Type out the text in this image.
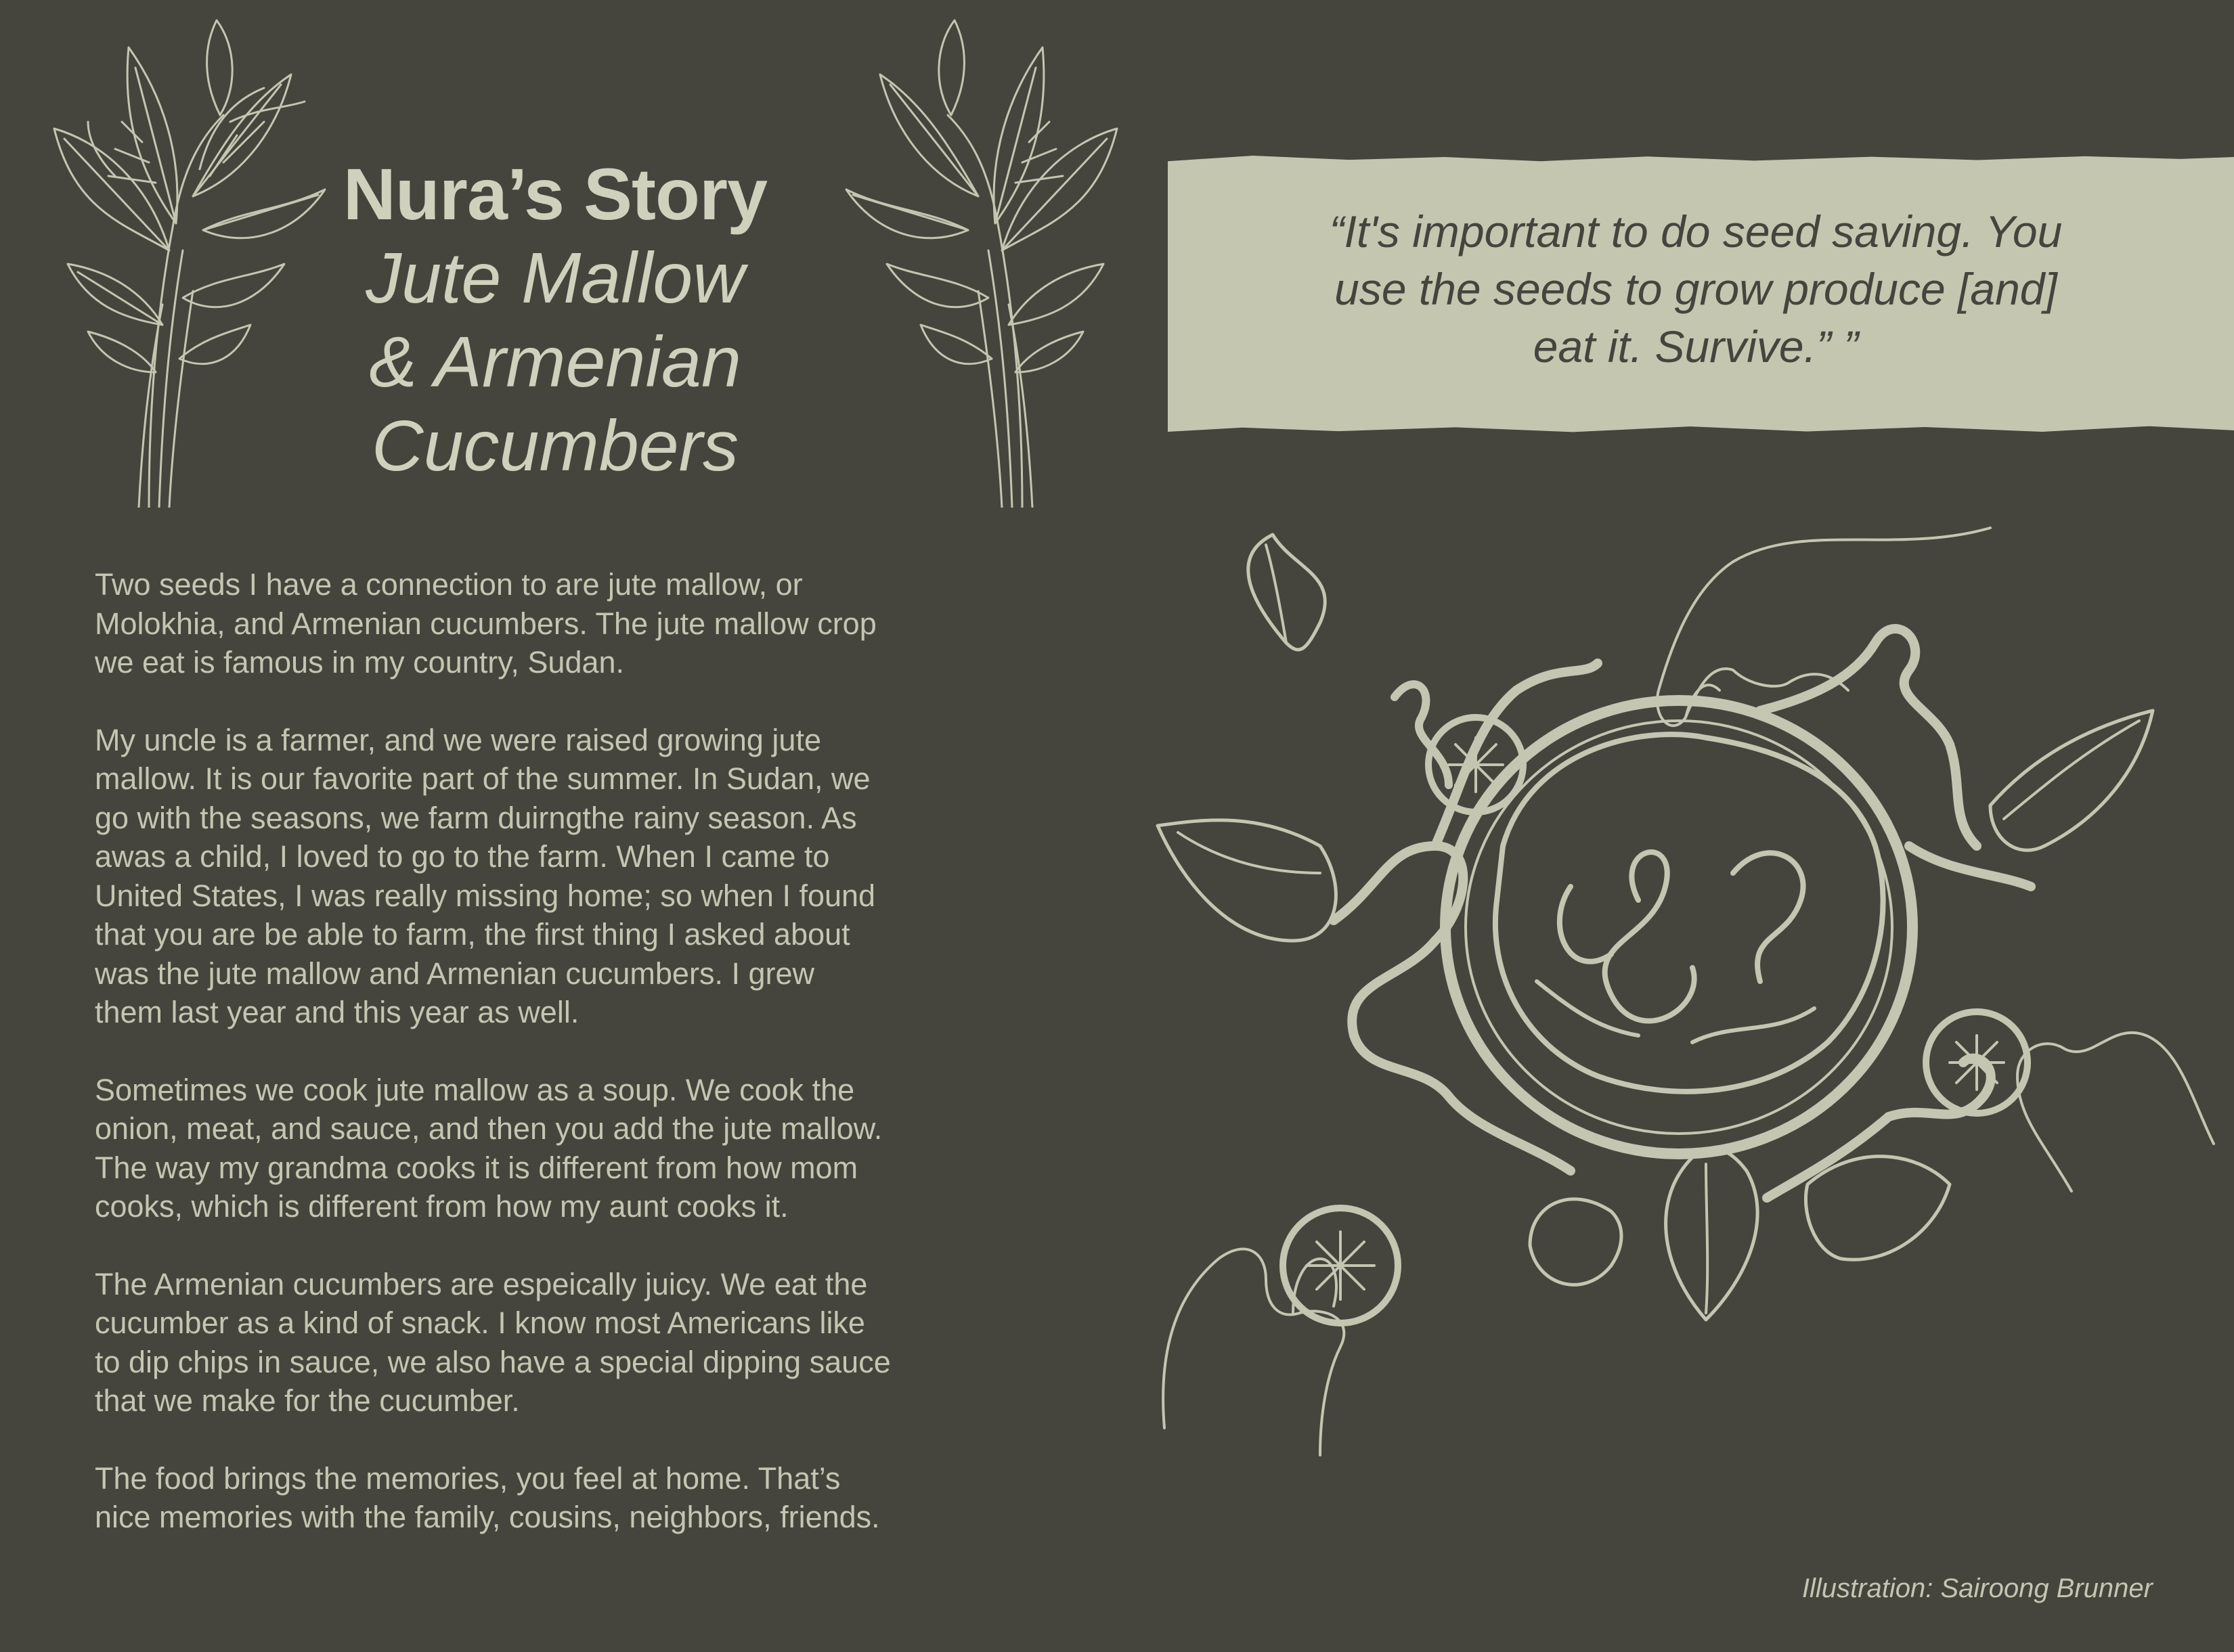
Nura’s Story

Jute Mallow

& Armenian

Cucumbers

Two seeds I have a connection to are jute mallow, or
Molokhia, and Armenian cucumbers. The jute mallow crop
we eat is famous in my country, Sudan.

My uncle is a farmer, and we were raised growing jute
mallow. It is our favorite part of the summer. In Sudan, we
go with the seasons, we farm duirngthe rainy season. As
awas a child, I loved to go to the farm. When I came to
United States, I was really missing home; so when I found
that you are be able to farm, the first thing I asked about
was the jute mallow and Armenian cucumbers. I grew
them last year and this year as well.

Sometimes we cook jute mallow as a soup. We cook the
onion, meat, and sauce, and then you add the jute mallow.
The way my grandma cooks it is different from how mom
cooks, which is different from how my aunt cooks it.

The Armenian cucumbers are espeically juicy. We eat the
cucumber as a kind of snack. I know most Americans like
to dip chips in sauce, we also have a special dipping sauce
that we make for the cucumber.

The food brings the memories, you feel at home. That’s
nice memories with the family, cousins, neighbors, friends.

“It's important to do seed saving. You
use the seeds to grow produce [and]
eat it. Survive.” ”

Illustration: Sairoong Brunner
